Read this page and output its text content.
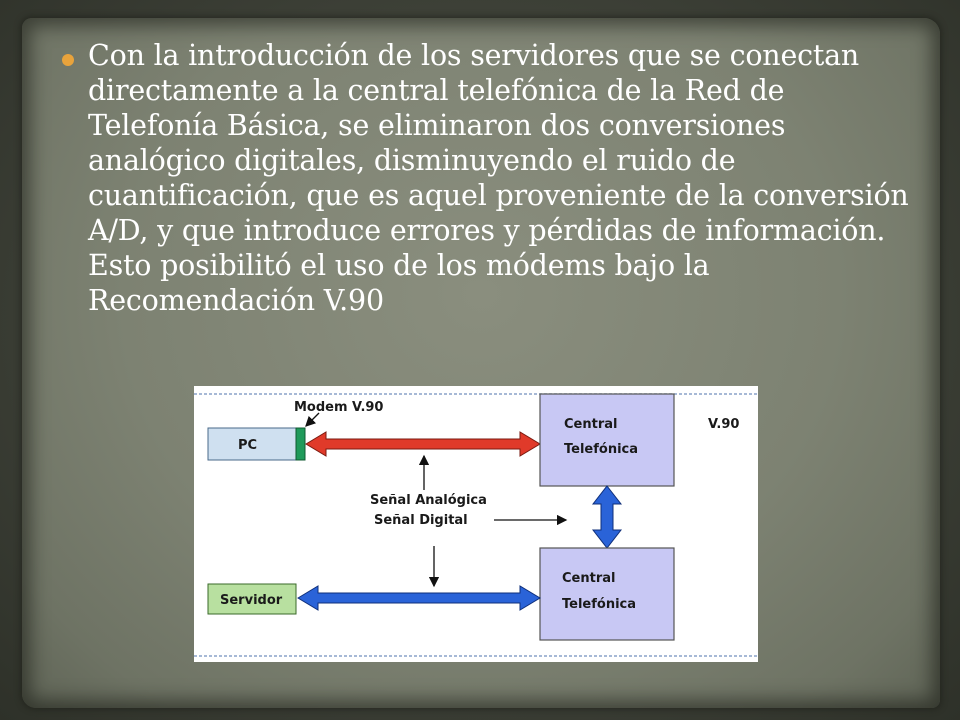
Con la introducción de los servidores que se conectan directamente a la central telefónica de la Red de Telefonía Básica, se eliminaron dos conversiones analógico digitales, disminuyendo el ruido de cuantificación, que es aquel proveniente de la conversión A/D, y que introduce errores y pérdidas de información. Esto posibilitó el uso de los módems bajo la Recomendación V.90

PC
Modem V.90
Central
Telefónica
V.90
Central
Telefónica
Servidor
Señal Analógica
Señal Digital
